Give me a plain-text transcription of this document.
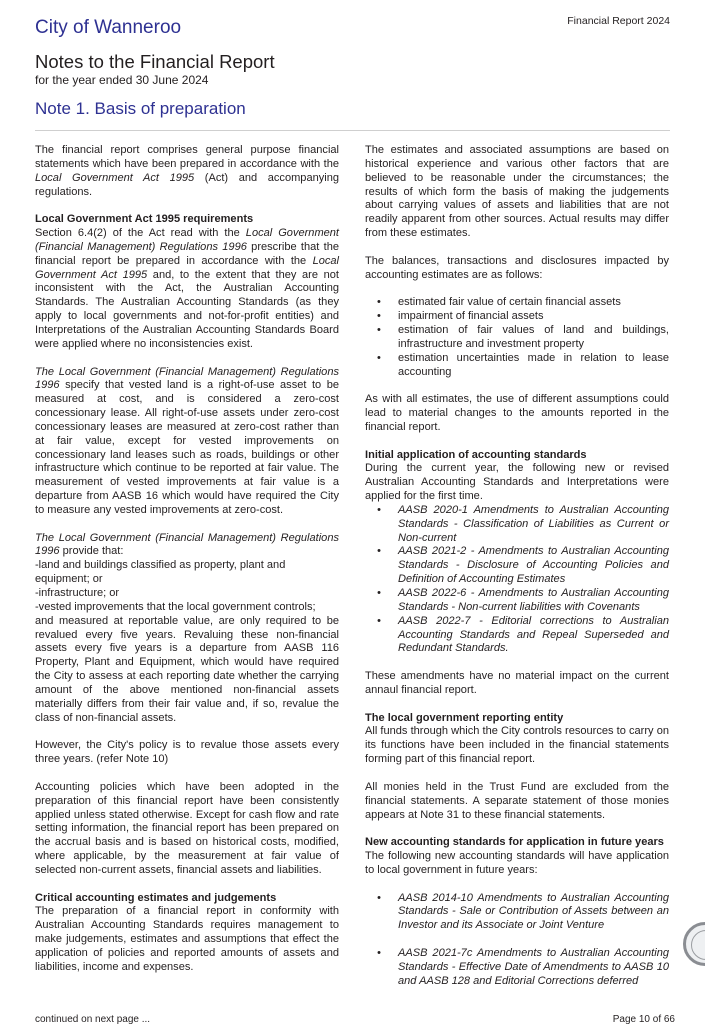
City of Wanneroo	Financial Report 2024
Notes to the Financial Report
for the year ended 30 June 2024
Note 1. Basis of preparation

The financial report comprises general purpose financial statements which have been prepared in accordance with the Local Government Act 1995 (Act) and accompanying regulations.

Local Government Act 1995 requirements

Section 6.4(2) of the Act read with the Local Government (Financial Management) Regulations 1996 prescribe that the financial report be prepared in accordance with the Local Government Act 1995 and, to the extent that they are not inconsistent with the Act, the Australian Accounting Standards. The Australian Accounting Standards (as they apply to local governments and not-for-profit entities) and Interpretations of the Australian Accounting Standards Board were applied where no inconsistencies exist.

The Local Government (Financial Management) Regulations 1996 specify that vested land is a right-of-use asset to be measured at cost, and is considered a zero-cost concessionary lease. All right-of-use assets under zero-cost concessionary leases are measured at zero-cost rather than at fair value, except for vested improvements on concessionary land leases such as roads, buildings or other infrastructure which continue to be reported at fair value. The measurement of vested improvements at fair value is a departure from AASB 16 which would have required the City to measure any vested improvements at zero-cost.

The Local Government (Financial Management) Regulations 1996 provide that:

-land and buildings classified as property, plant and equipment; or

-infrastructure; or

-vested improvements that the local government controls;

and measured at reportable value, are only required to be revalued every five years. Revaluing these non-financial assets every five years is a departure from AASB 116 Property, Plant and Equipment, which would have required the City to assess at each reporting date whether the carrying amount of the above mentioned non-financial assets materially differs from their fair value and, if so, revalue the class of non-financial assets.

However, the City's policy is to revalue those assets every three years. (refer Note 10)

Accounting policies which have been adopted in the preparation of this financial report have been consistently applied unless stated otherwise. Except for cash flow and rate setting information, the financial report has been prepared on the accrual basis and is based on historical costs, modified, where applicable, by the measurement at fair value of selected non-current assets, financial assets and liabilities.

Critical accounting estimates and judgements

The preparation of a financial report in conformity with Australian Accounting Standards requires management to make judgements, estimates and assumptions that effect the application of policies and reported amounts of assets and liabilities, income and expenses.

The estimates and associated assumptions are based on historical experience and various other factors that are believed to be reasonable under the circumstances; the results of which form the basis of making the judgements about carrying values of assets and liabilities that are not readily apparent from other sources. Actual results may differ from these estimates.

The balances, transactions and disclosures impacted by accounting estimates are as follows:

• estimated fair value of certain financial assets
• impairment of financial assets
• estimation of fair values of land and buildings, infrastructure and investment property
• estimation uncertainties made in relation to lease accounting

As with all estimates, the use of different assumptions could lead to material changes to the amounts reported in the financial report.

Initial application of accounting standards

During the current year, the following new or revised Australian Accounting Standards and Interpretations were applied for the first time.

• AASB 2020-1 Amendments to Australian Accounting Standards - Classification of Liabilities as Current or Non-current
• AASB 2021-2 - Amendments to Australian Accounting Standards - Disclosure of Accounting Policies and Definition of Accounting Estimates
• AASB 2022-6 - Amendments to Australian Accounting Standards - Non-current liabilities with Covenants
• AASB 2022-7 - Editorial corrections to Australian Accounting Standards and Repeal Superseded and Redundant Standards.

These amendments have no material impact on the current annaul financial report.

The local government reporting entity

All funds through which the City controls resources to carry on its functions have been included in the financial statements forming part of this financial report.

All monies held in the Trust Fund are excluded from the financial statements. A separate statement of those monies appears at Note 31 to these financial statements.

New accounting standards for application in future years

The following new accounting standards will have application to local government in future years:

• AASB 2014-10 Amendments to Australian Accounting Standards - Sale or Contribution of Assets between an Investor and its Associate or Joint Venture
• AASB 2021-7c Amendments to Australian Accounting Standards - Effective Date of Amendments to AASB 10 and AASB 128 and Editorial Corrections deferred
continued on next page ...	Page 10 of 66
